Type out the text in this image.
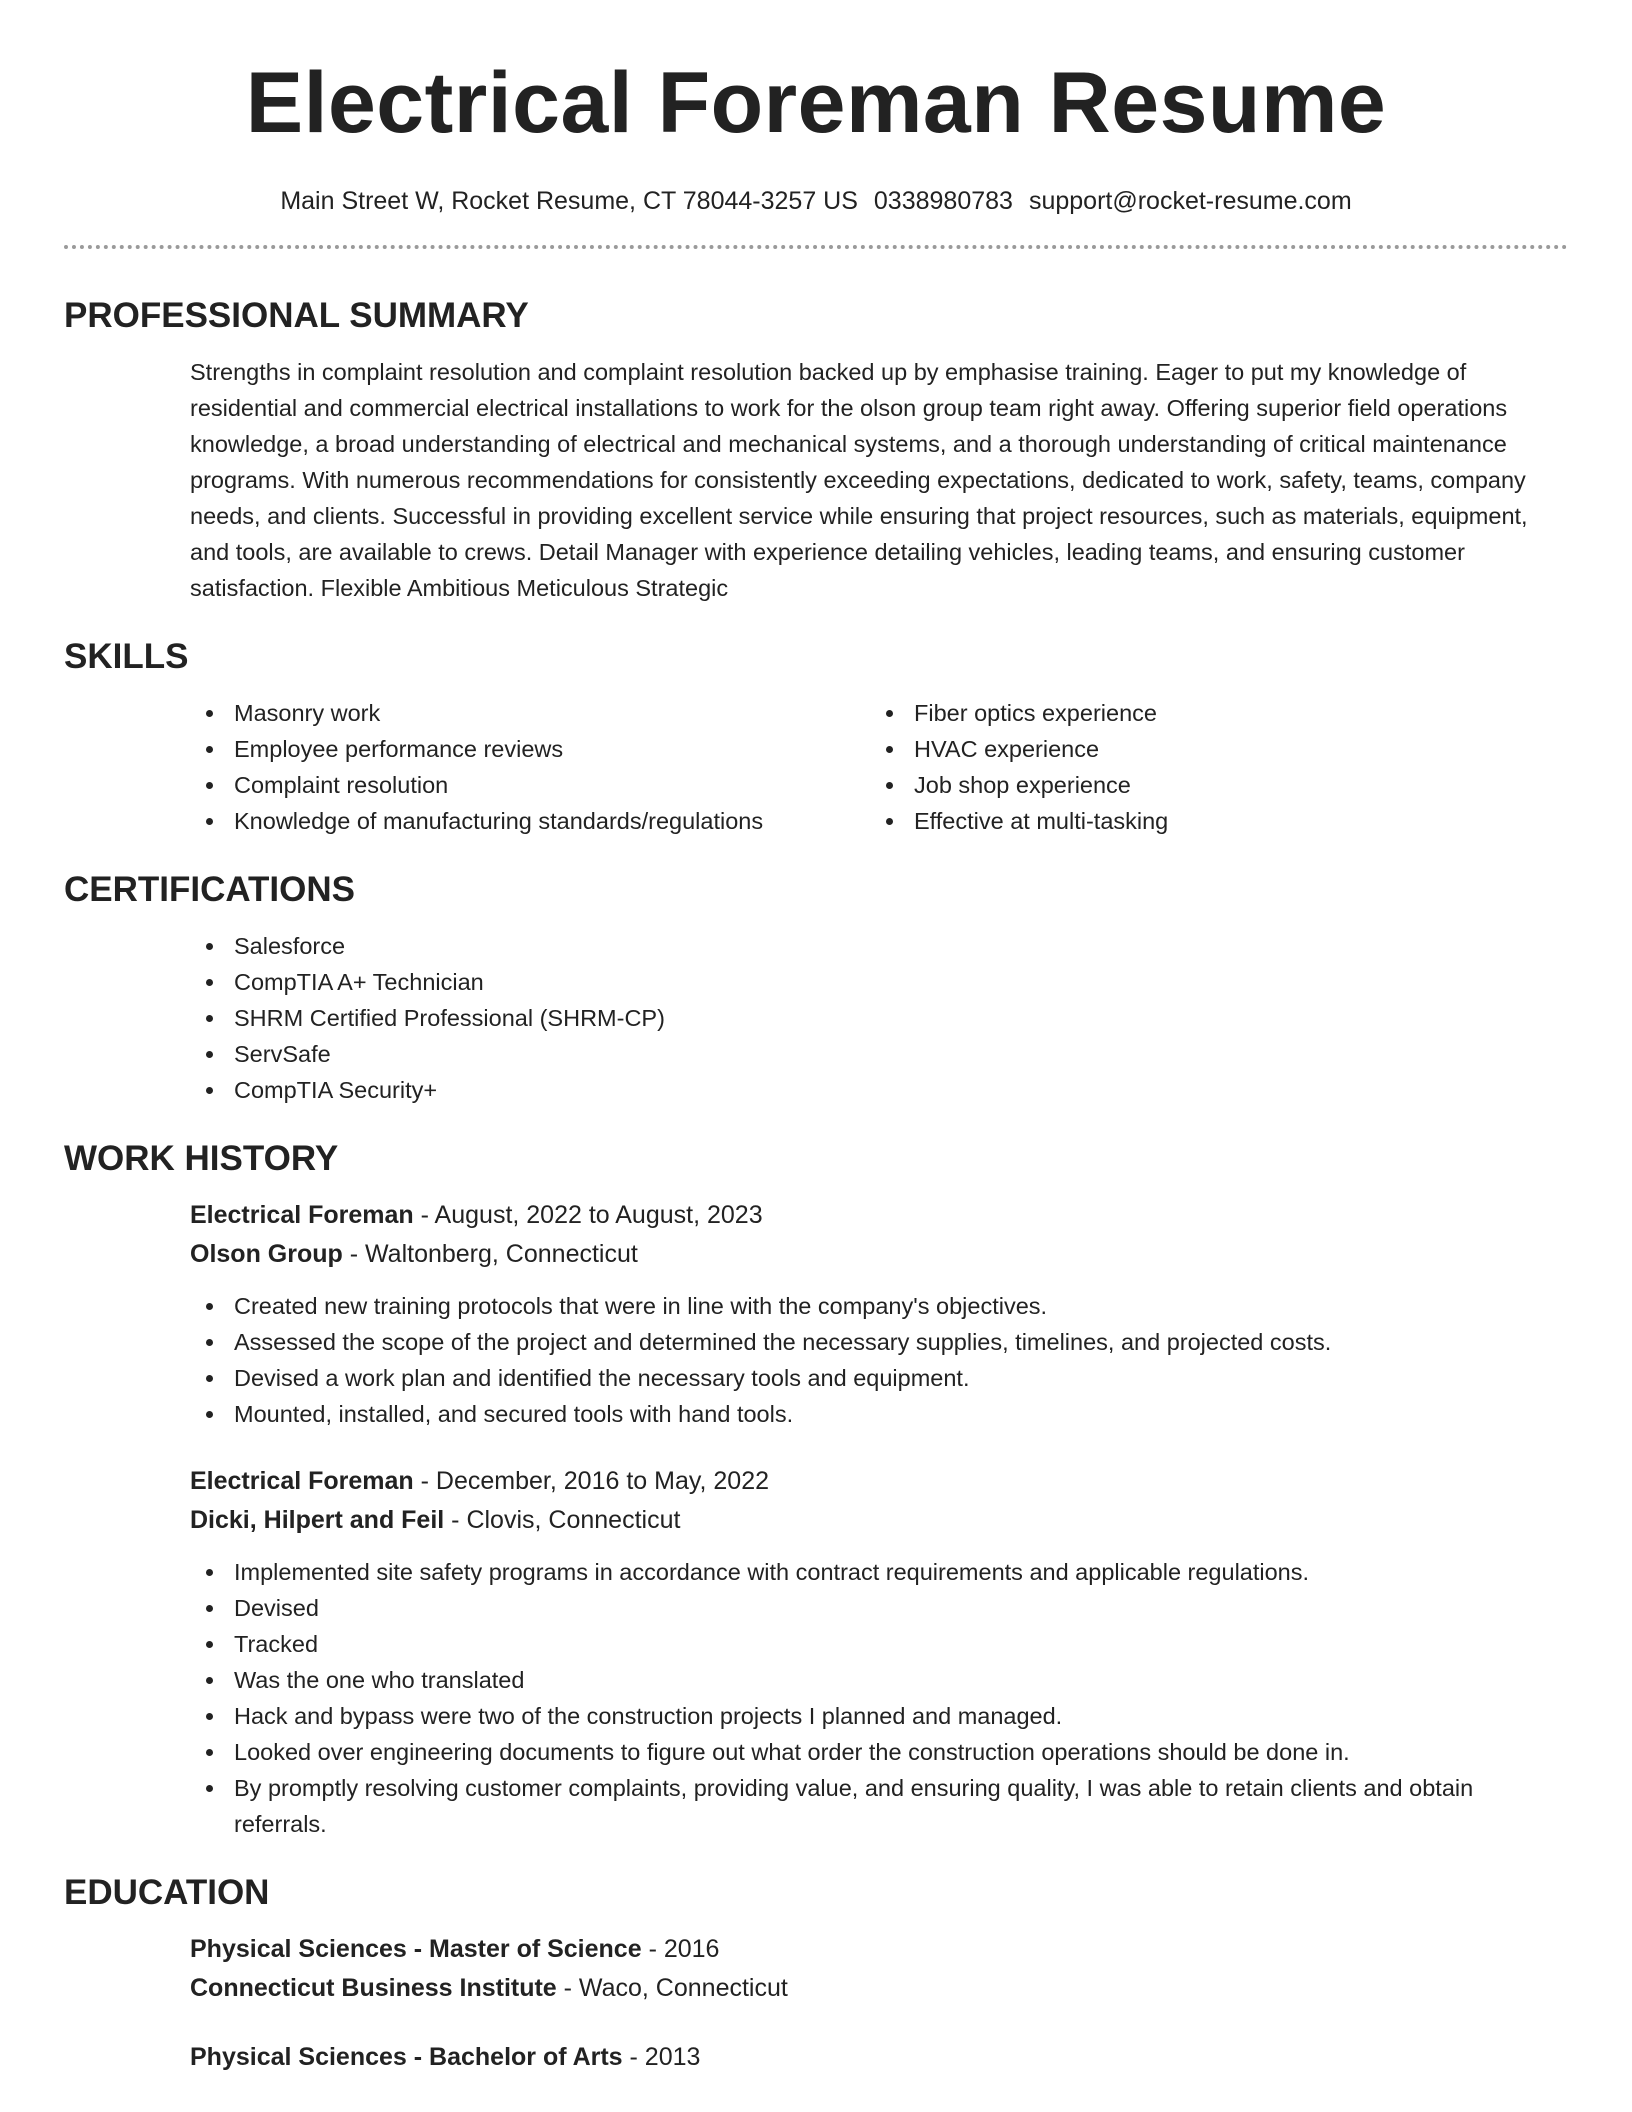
Electrical Foreman Resume
Main Street W, Rocket Resume, CT 78044-3257 US 0338980783 support@rocket-resume.com
PROFESSIONAL SUMMARY
Strengths in complaint resolution and complaint resolution backed up by emphasise training. Eager to put my knowledge of residential and commercial electrical installations to work for the olson group team right away. Offering superior field operations knowledge, a broad understanding of electrical and mechanical systems, and a thorough understanding of critical maintenance programs. With numerous recommendations for consistently exceeding expectations, dedicated to work, safety, teams, company needs, and clients. Successful in providing excellent service while ensuring that project resources, such as materials, equipment, and tools, are available to crews. Detail Manager with experience detailing vehicles, leading teams, and ensuring customer satisfaction. Flexible Ambitious Meticulous Strategic
SKILLS
Masonry work
Employee performance reviews
Complaint resolution
Knowledge of manufacturing standards/regulations
Fiber optics experience
HVAC experience
Job shop experience
Effective at multi-tasking
CERTIFICATIONS
Salesforce
CompTIA A+ Technician
SHRM Certified Professional (SHRM-CP)
ServSafe
CompTIA Security+
WORK HISTORY
Electrical Foreman - August, 2022 to August, 2023
Olson Group - Waltonberg, Connecticut
Created new training protocols that were in line with the company's objectives.
Assessed the scope of the project and determined the necessary supplies, timelines, and projected costs.
Devised a work plan and identified the necessary tools and equipment.
Mounted, installed, and secured tools with hand tools.
Electrical Foreman - December, 2016 to May, 2022
Dicki, Hilpert and Feil - Clovis, Connecticut
Implemented site safety programs in accordance with contract requirements and applicable regulations.
Devised
Tracked
Was the one who translated
Hack and bypass were two of the construction projects I planned and managed.
Looked over engineering documents to figure out what order the construction operations should be done in.
By promptly resolving customer complaints, providing value, and ensuring quality, I was able to retain clients and obtain referrals.
EDUCATION
Physical Sciences - Master of Science - 2016
Connecticut Business Institute - Waco, Connecticut
Physical Sciences - Bachelor of Arts - 2013
